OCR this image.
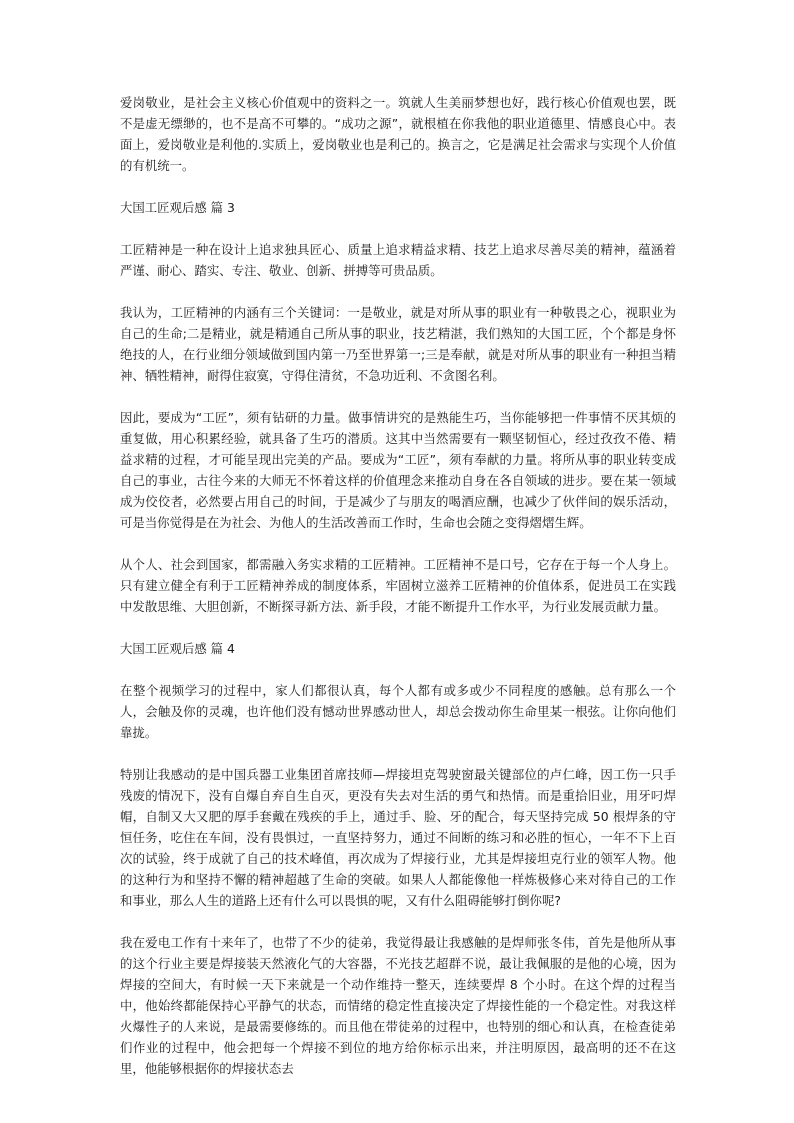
爱岗敬业，是社会主义核心价值观中的资料之一。筑就人生美丽梦想也好，践行核心价值观也罢，既不是虚无缥缈的，也不是高不可攀的。“成功之源”，就根植在你我他的职业道德里、情感良心中。表面上，爱岗敬业是利他的.实质上，爱岗敬业也是利己的。换言之，它是满足社会需求与实现个人价值的有机统一。

大国工匠观后感 篇 3

工匠精神是一种在设计上追求独具匠心、质量上追求精益求精、技艺上追求尽善尽美的精神，蕴涵着严谨、耐心、踏实、专注、敬业、创新、拼搏等可贵品质。

我认为，工匠精神的内涵有三个关键词：一是敬业，就是对所从事的职业有一种敬畏之心，视职业为自己的生命;二是精业，就是精通自己所从事的职业，技艺精湛，我们熟知的大国工匠，个个都是身怀绝技的人，在行业细分领域做到国内第一乃至世界第一;三是奉献，就是对所从事的职业有一种担当精神、牺牲精神，耐得住寂寞，守得住清贫，不急功近利、不贪图名利。

因此，要成为“工匠”，须有钻研的力量。做事情讲究的是熟能生巧，当你能够把一件事情不厌其烦的重复做，用心积累经验，就具备了生巧的潜质。这其中当然需要有一颗坚韧恒心，经过孜孜不倦、精益求精的过程，才可能呈现出完美的产品。要成为“工匠”，须有奉献的力量。将所从事的职业转变成自己的事业，古往今来的大师无不怀着这样的价值理念来推动自身在各自领域的进步。要在某一领域成为佼佼者，必然要占用自己的时间，于是减少了与朋友的喝酒应酬，也减少了伙伴间的娱乐活动，可是当你觉得是在为社会、为他人的生活改善而工作时，生命也会随之变得熠熠生辉。

从个人、社会到国家，都需融入务实求精的工匠精神。工匠精神不是口号，它存在于每一个人身上。只有建立健全有利于工匠精神养成的制度体系，牢固树立滋养工匠精神的价值体系，促进员工在实践中发散思维、大胆创新，不断探寻新方法、新手段，才能不断提升工作水平，为行业发展贡献力量。

大国工匠观后感 篇 4

在整个视频学习的过程中，家人们都很认真，每个人都有或多或少不同程度的感触。总有那么一个人，会触及你的灵魂，也许他们没有憾动世界感动世人，却总会拨动你生命里某一根弦。让你向他们靠拢。

特别让我感动的是中国兵器工业集团首席技师—焊接坦克驾驶窗最关键部位的卢仁峰，因工伤一只手残废的情况下，没有自爆自弃自生自灭，更没有失去对生活的勇气和热情。而是重拾旧业，用牙叼焊帽，自制又大又肥的厚手套戴在残疾的手上，通过手、脸、牙的配合，每天坚持完成 50 根焊条的守恒任务，吃住在车间，没有畏惧过，一直坚持努力，通过不间断的练习和必胜的恒心，一年不下上百次的试验，终于成就了自己的技术峰值，再次成为了焊接行业，尤其是焊接坦克行业的领军人物。他的这种行为和坚持不懈的精神超越了生命的突破。如果人人都能像他一样炼极修心来对待自己的工作和事业，那么人生的道路上还有什么可以畏惧的呢，又有什么阻碍能够打倒你呢?

我在爱电工作有十来年了，也带了不少的徒弟，我觉得最让我感触的是焊师张冬伟，首先是他所从事的这个行业主要是焊接装天然液化气的大容器，不光技艺超群不说，最让我佩服的是他的心境，因为焊接的空间大，有时候一天下来就是一个动作维持一整天，连续要焊 8 个小时。在这个焊的过程当中，他始终都能保持心平静气的状态，而情绪的稳定性直接决定了焊接性能的一个稳定性。对我这样火爆性子的人来说，是最需要修练的。而且他在带徒弟的过程中，也特别的细心和认真，在检查徒弟们作业的过程中，他会把每一个焊接不到位的地方给你标示出来，并注明原因，最高明的还不在这里，他能够根据你的焊接状态去
